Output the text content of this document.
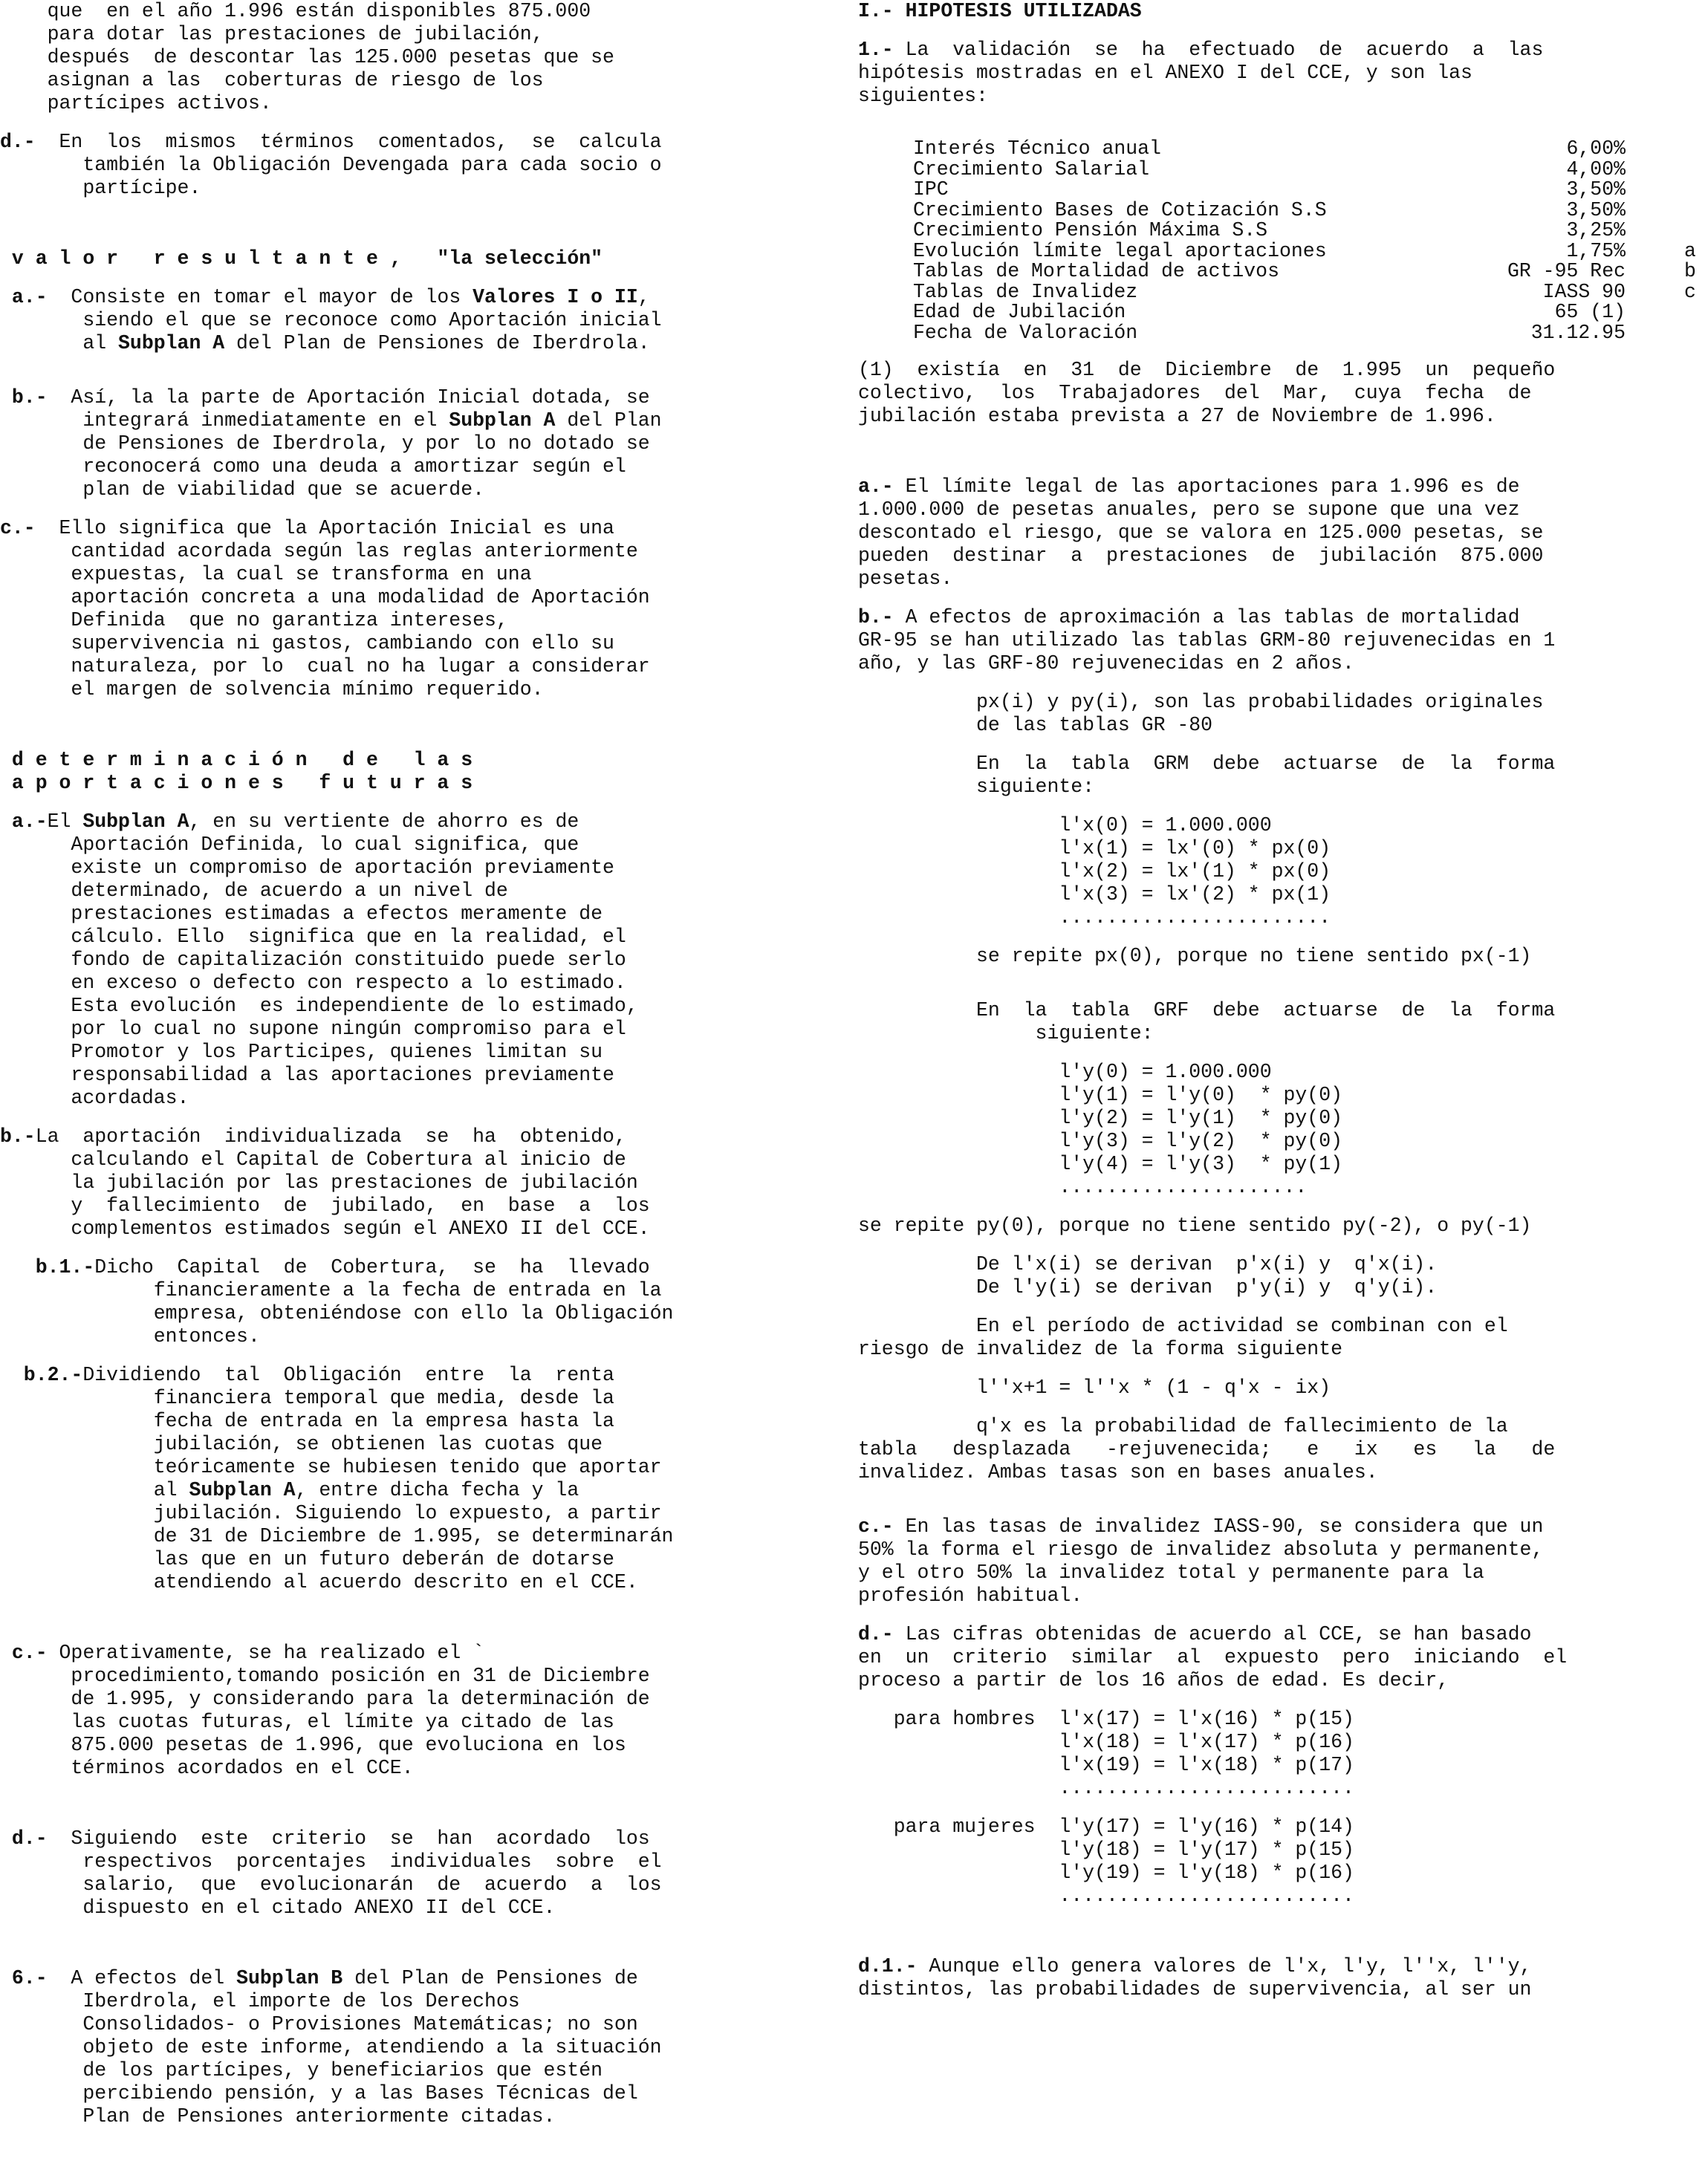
que  en el año 1.996 están disponibles 875.000
para dotar las prestaciones de jubilación,
después  de descontar las 125.000 pesetas que se
asignan a las  coberturas de riesgo de los
partícipes activos.
d.-  En  los  mismos  términos  comentados,  se  calcula
también la Obligación Devengada para cada socio o
partícipe.
v a l o r   r e s u l t a n t e ,   "la selección"
a.-  Consiste en tomar el mayor de los Valores I o II,
siendo el que se reconoce como Aportación inicial
al Subplan A del Plan de Pensiones de Iberdrola.
b.-  Así, la la parte de Aportación Inicial dotada, se
integrará inmediatamente en el Subplan A del Plan
de Pensiones de Iberdrola, y por lo no dotado se
reconocerá como una deuda a amortizar según el
plan de viabilidad que se acuerde.
c.-  Ello significa que la Aportación Inicial es una
cantidad acordada según las reglas anteriormente
expuestas, la cual se transforma en una
aportación concreta a una modalidad de Aportación
Definida  que no garantiza intereses,
supervivencia ni gastos, cambiando con ello su
naturaleza, por lo  cual no ha lugar a considerar
el margen de solvencia mínimo requerido.
d e t e r m i n a c i ó n   d e   l a s
a p o r t a c i o n e s   f u t u r a s
a.-El Subplan A, en su vertiente de ahorro es de
Aportación Definida, lo cual significa, que
existe un compromiso de aportación previamente
determinado, de acuerdo a un nivel de
prestaciones estimadas a efectos meramente de
cálculo. Ello  significa que en la realidad, el
fondo de capitalización constituido puede serlo
en exceso o defecto con respecto a lo estimado.
Esta evolución  es independiente de lo estimado,
por lo cual no supone ningún compromiso para el
Promotor y los Participes, quienes limitan su
responsabilidad a las aportaciones previamente
acordadas.
b.-La  aportación  individualizada  se  ha  obtenido,
calculando el Capital de Cobertura al inicio de
la jubilación por las prestaciones de jubilación
y  fallecimiento  de  jubilado,  en  base  a  los
complementos estimados según el ANEXO II del CCE.
b.1.-Dicho  Capital  de  Cobertura,  se  ha  llevado
financieramente a la fecha de entrada en la
empresa, obteniéndose con ello la Obligación
entonces.
b.2.-Dividiendo  tal  Obligación  entre  la  renta
financiera temporal que media, desde la
fecha de entrada en la empresa hasta la
jubilación, se obtienen las cuotas que
teóricamente se hubiesen tenido que aportar
al Subplan A, entre dicha fecha y la
jubilación. Siguiendo lo expuesto, a partir
de 31 de Diciembre de 1.995, se determinarán
las que en un futuro deberán de dotarse
atendiendo al acuerdo descrito en el CCE.
c.- Operativamente, se ha realizado el `
procedimiento,tomando posición en 31 de Diciembre
de 1.995, y considerando para la determinación de
las cuotas futuras, el límite ya citado de las
875.000 pesetas de 1.996, que evoluciona en los
términos acordados en el CCE.
d.-  Siguiendo  este  criterio  se  han  acordado  los
respectivos  porcentajes  individuales  sobre  el
salario,  que  evolucionarán  de  acuerdo  a  los
dispuesto en el citado ANEXO II del CCE.
6.-  A efectos del Subplan B del Plan de Pensiones de
Iberdrola, el importe de los Derechos
Consolidados- o Provisiones Matemáticas; no son
objeto de este informe, atendiendo a la situación
de los partícipes, y beneficiarios que estén
percibiendo pensión, y a las Bases Técnicas del
Plan de Pensiones anteriormente citadas.
I.- HIPOTESIS UTILIZADAS
1.- La  validación  se  ha  efectuado  de  acuerdo  a  las
hipótesis mostradas en el ANEXO I del CCE, y son las
siguientes:
Interés Técnico anual	6,00%
Crecimiento Salarial	4,00%
IPC	3,50%
Crecimiento Bases de Cotización S.S	3,50%
Crecimiento Pensión Máxima S.S	3,25%
Evolución límite legal aportaciones	1,75%	a
Tablas de Mortalidad de activos	GR -95 Rec	b
Tablas de Invalidez	IASS 90	c
Edad de Jubilación	65 (1)
Fecha de Valoración	31.12.95
(1)  existía  en  31  de  Diciembre  de  1.995  un  pequeño
colectivo,  los  Trabajadores  del  Mar,  cuya  fecha  de
jubilación estaba prevista a 27 de Noviembre de 1.996.
a.- El límite legal de las aportaciones para 1.996 es de
1.000.000 de pesetas anuales, pero se supone que una vez
descontado el riesgo, que se valora en 125.000 pesetas, se
pueden  destinar  a  prestaciones  de  jubilación  875.000
pesetas.
b.- A efectos de aproximación a las tablas de mortalidad
GR-95 se han utilizado las tablas GRM-80 rejuvenecidas en 1
año, y las GRF-80 rejuvenecidas en 2 años.
px(i) y py(i), son las probabilidades originales
de las tablas GR -80
En  la  tabla  GRM  debe  actuarse  de  la  forma
siguiente:
l'x(0) = 1.000.000
l'x(1) = lx'(0) * px(0)
l'x(2) = lx'(1) * px(0)
l'x(3) = lx'(2) * px(1)
.......................
se repite px(0), porque no tiene sentido px(-1)
En  la  tabla  GRF  debe  actuarse  de  la  forma
siguiente:
l'y(0) = 1.000.000
l'y(1) = l'y(0)  * py(0)
l'y(2) = l'y(1)  * py(0)
l'y(3) = l'y(2)  * py(0)
l'y(4) = l'y(3)  * py(1)
.....................
se repite py(0), porque no tiene sentido py(-2), o py(-1)
De l'x(i) se derivan  p'x(i) y  q'x(i).
De l'y(i) se derivan  p'y(i) y  q'y(i).
En el período de actividad se combinan con el
riesgo de invalidez de la forma siguiente
l''x+1 = l''x * (1 - q'x - ix)
q'x es la probabilidad de fallecimiento de la
tabla   desplazada   -rejuvenecida;   e   ix   es   la   de
invalidez. Ambas tasas son en bases anuales.
c.- En las tasas de invalidez IASS-90, se considera que un
50% la forma el riesgo de invalidez absoluta y permanente,
y el otro 50% la invalidez total y permanente para la
profesión habitual.
d.- Las cifras obtenidas de acuerdo al CCE, se han basado
en  un  criterio  similar  al  expuesto  pero  iniciando  el
proceso a partir de los 16 años de edad. Es decir,
para hombres  l'x(17) = l'x(16) * p(15)
l'x(18) = l'x(17) * p(16)
l'x(19) = l'x(18) * p(17)
.........................
para mujeres  l'y(17) = l'y(16) * p(14)
l'y(18) = l'y(17) * p(15)
l'y(19) = l'y(18) * p(16)
.........................
d.1.- Aunque ello genera valores de l'x, l'y, l''x, l''y,
distintos, las probabilidades de supervivencia, al ser un
